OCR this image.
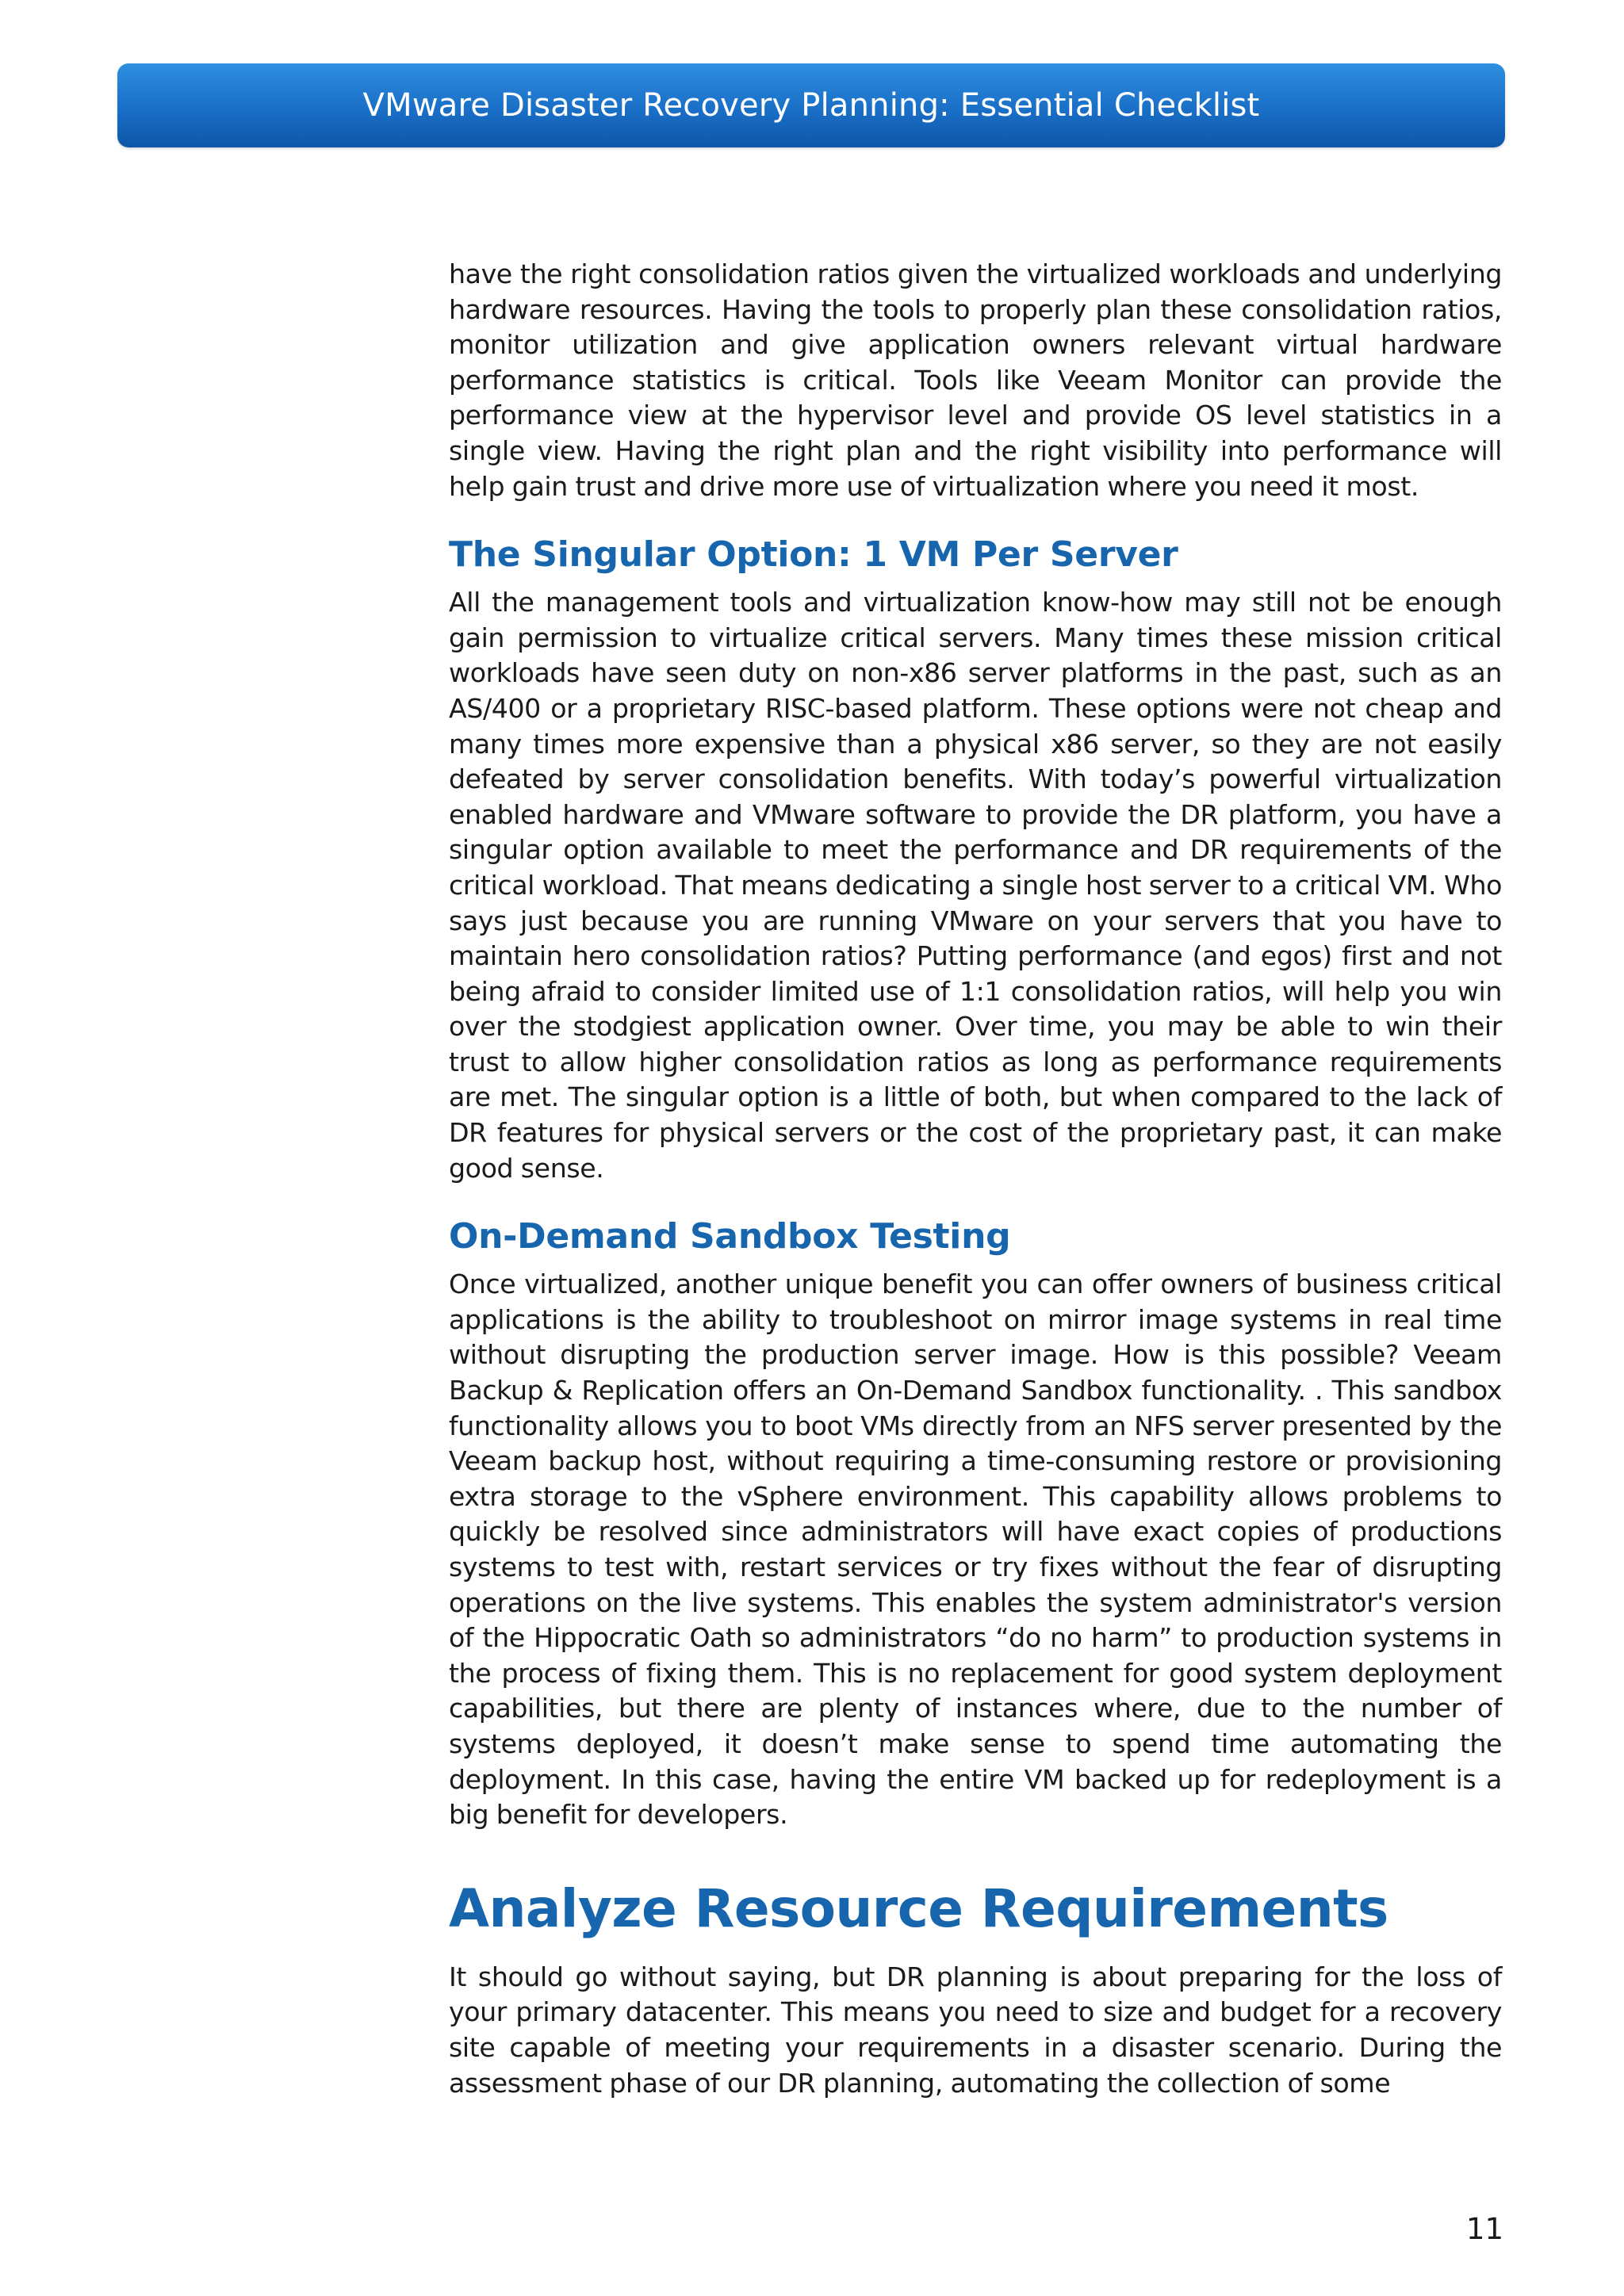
VMware Disaster Recovery Planning: Essential Checklist

have the right consolidation ratios given the virtualized workloads and underlying hardware resources. Having the tools to properly plan these consolidation ratios, monitor utilization and give application owners relevant virtual hardware performance statistics is critical. Tools like Veeam Monitor can provide the performance view at the hypervisor level and provide OS level statistics in a single view. Having the right plan and the right visibility into performance will help gain trust and drive more use of virtualization where you need it most.

The Singular Option: 1 VM Per Server

All the management tools and virtualization know-how may still not be enough gain permission to virtualize critical servers. Many times these mission critical workloads have seen duty on non-x86 server platforms in the past, such as an AS/400 or a proprietary RISC-based platform. These options were not cheap and many times more expensive than a physical x86 server, so they are not easily defeated by server consolidation benefits. With today’s powerful virtualization enabled hardware and VMware software to provide the DR platform, you have a singular option available to meet the performance and DR requirements of the critical workload. That means dedicating a single host server to a critical VM. Who says just because you are running VMware on your servers that you have to maintain hero consolidation ratios? Putting performance (and egos) first and not being afraid to consider limited use of 1:1 consolidation ratios, will help you win over the stodgiest application owner. Over time, you may be able to win their trust to allow higher consolidation ratios as long as performance requirements are met. The singular option is a little of both, but when compared to the lack of DR features for physical servers or the cost of the proprietary past, it can make good sense.

On-Demand Sandbox Testing

Once virtualized, another unique benefit you can offer owners of business critical applications is the ability to troubleshoot on mirror image systems in real time without disrupting the production server image. How is this possible? Veeam Backup & Replication offers an On-Demand Sandbox functionality. . This sandbox functionality allows you to boot VMs directly from an NFS server presented by the Veeam backup host, without requiring a time-consuming restore or provisioning extra storage to the vSphere environment. This capability allows problems to quickly be resolved since administrators will have exact copies of productions systems to test with, restart services or try fixes without the fear of disrupting operations on the live systems. This enables the system administrator's version of the Hippocratic Oath so administrators “do no harm” to production systems in the process of fixing them. This is no replacement for good system deployment capabilities, but there are plenty of instances where, due to the number of systems deployed, it doesn’t make sense to spend time automating the deployment. In this case, having the entire VM backed up for redeployment is a big benefit for developers.

Analyze Resource Requirements

It should go without saying, but DR planning is about preparing for the loss of your primary datacenter. This means you need to size and budget for a recovery site capable of meeting your requirements in a disaster scenario. During the assessment phase of our DR planning, automating the collection of some

11
